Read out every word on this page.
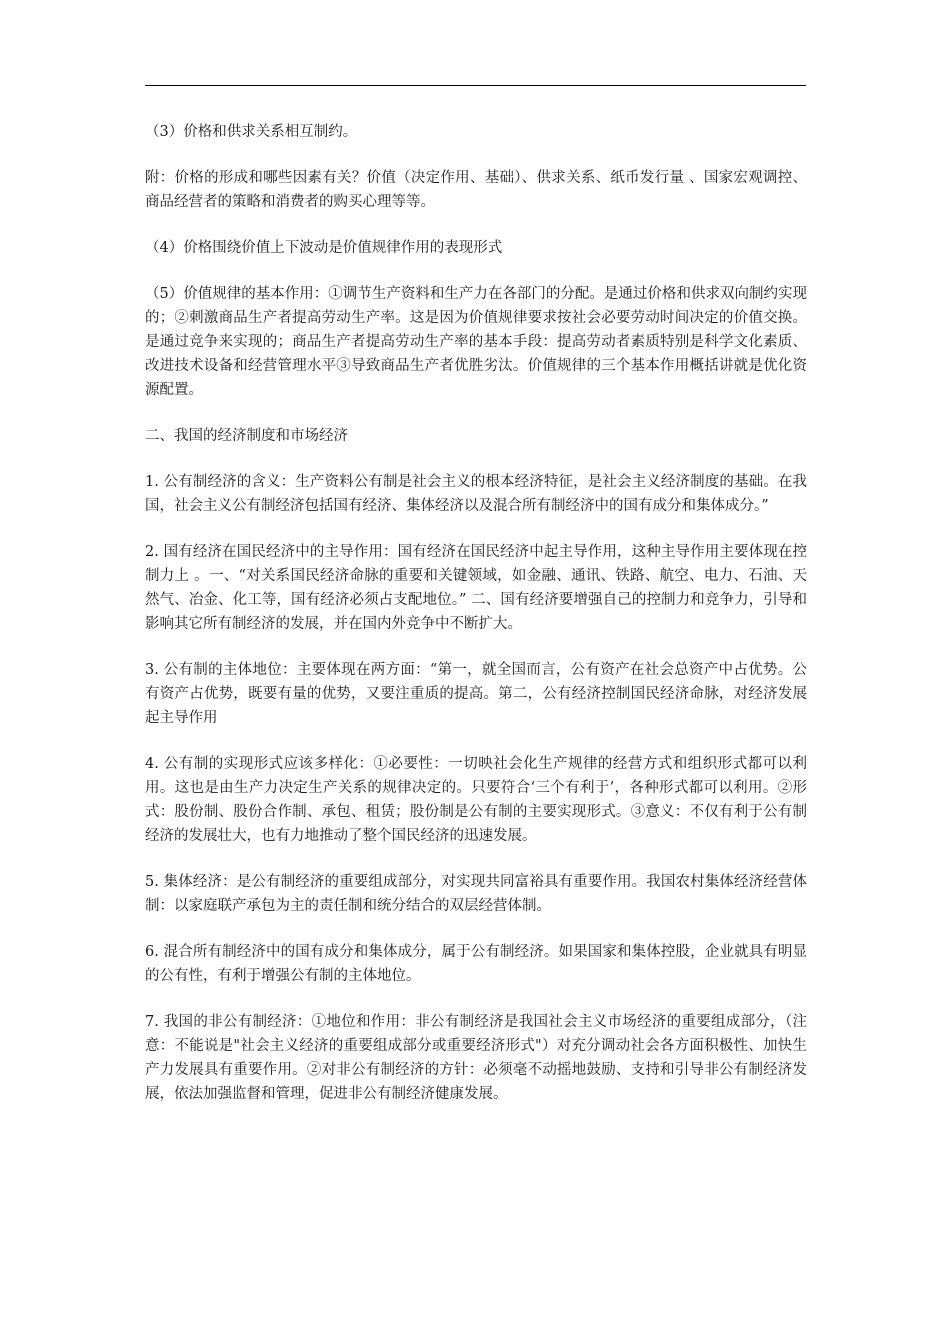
（3）价格和供求关系相互制约。

附：价格的形成和哪些因素有关？价值（决定作用、基础）、供求关系、纸币发行量 、国家宏观调控、商品经营者的策略和消费者的购买心理等等。

（4）价格围绕价值上下波动是价值规律作用的表现形式

（5）价值规律的基本作用：①调节生产资料和生产力在各部门的分配。是通过价格和供求双向制约实现的；②刺激商品生产者提高劳动生产率。这是因为价值规律要求按社会必要劳动时间决定的价值交换。是通过竞争来实现的；商品生产者提高劳动生产率的基本手段：提高劳动者素质特别是科学文化素质、改进技术设备和经营管理水平③导致商品生产者优胜劣汰。价值规律的三个基本作用概括讲就是优化资源配置。

二、我国的经济制度和市场经济

1. 公有制经济的含义：生产资料公有制是社会主义的根本经济特征，是社会主义经济制度的基础。在我国，社会主义公有制经济包括国有经济、集体经济以及混合所有制经济中的国有成分和集体成分。”

2. 国有经济在国民经济中的主导作用：国有经济在国民经济中起主导作用，这种主导作用主要体现在控制力上 。一、“对关系国民经济命脉的重要和关键领域，如金融、通讯、铁路、航空、电力、石油、天然气、冶金、化工等，国有经济必须占支配地位。” 二、国有经济要增强自己的控制力和竞争力，引导和影响其它所有制经济的发展，并在国内外竞争中不断扩大。

3. 公有制的主体地位：主要体现在两方面：“第一，就全国而言，公有资产在社会总资产中占优势。公有资产占优势，既要有量的优势，又要注重质的提高。第二，公有经济控制国民经济命脉，对经济发展起主导作用

4. 公有制的实现形式应该多样化：①必要性：一切映社会化生产规律的经营方式和组织形式都可以利用。这也是由生产力决定生产关系的规律决定的。只要符合‘三个有利于’，各种形式都可以利用。②形式：股份制、股份合作制、承包、租赁；股份制是公有制的主要实现形式。③意义：不仅有利于公有制经济的发展壮大，也有力地推动了整个国民经济的迅速发展。

5. 集体经济：是公有制经济的重要组成部分，对实现共同富裕具有重要作用。我国农村集体经济经营体制：以家庭联产承包为主的责任制和统分结合的双层经营体制。

6. 混合所有制经济中的国有成分和集体成分，属于公有制经济。如果国家和集体控股，企业就具有明显的公有性，有利于增强公有制的主体地位。

7. 我国的非公有制经济：①地位和作用：非公有制经济是我国社会主义市场经济的重要组成部分，（注意：不能说是"社会主义经济的重要组成部分或重要经济形式"）对充分调动社会各方面积极性、加快生产力发展具有重要作用。②对非公有制经济的方针：必须毫不动摇地鼓励、支持和引导非公有制经济发展，依法加强监督和管理，促进非公有制经济健康发展。
